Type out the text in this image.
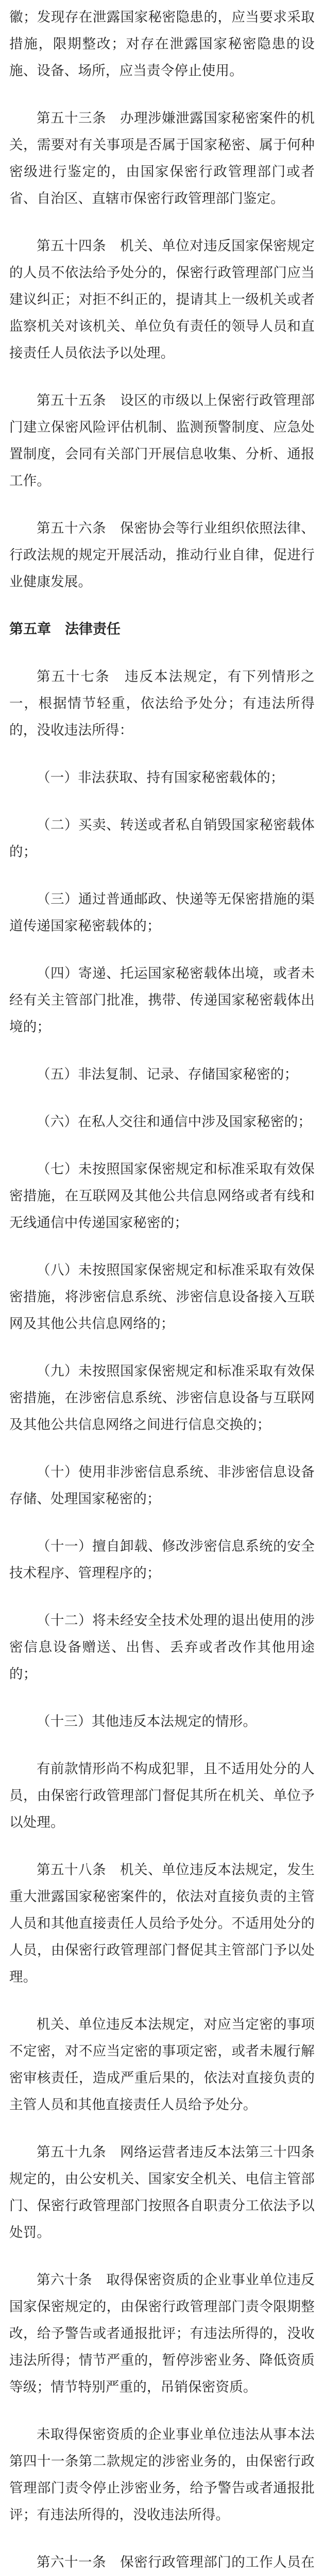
徽；发现存在泄露国家秘密隐患的，应当要求采取措施，限期整改；对存在泄露国家秘密隐患的设施、设备、场所，应当责令停止使用。

第五十三条　办理涉嫌泄露国家秘密案件的机关，需要对有关事项是否属于国家秘密、属于何种密级进行鉴定的，由国家保密行政管理部门或者省、自治区、直辖市保密行政管理部门鉴定。

第五十四条　机关、单位对违反国家保密规定的人员不依法给予处分的，保密行政管理部门应当建议纠正；对拒不纠正的，提请其上一级机关或者监察机关对该机关、单位负有责任的领导人员和直接责任人员依法予以处理。

第五十五条　设区的市级以上保密行政管理部门建立保密风险评估机制、监测预警制度、应急处置制度，会同有关部门开展信息收集、分析、通报工作。

第五十六条　保密协会等行业组织依照法律、行政法规的规定开展活动，推动行业自律，促进行业健康发展。

第五章　法律责任

第五十七条　违反本法规定，有下列情形之一，根据情节轻重，依法给予处分；有违法所得的，没收违法所得：

（一）非法获取、持有国家秘密载体的；

（二）买卖、转送或者私自销毁国家秘密载体的；

（三）通过普通邮政、快递等无保密措施的渠道传递国家秘密载体的；

（四）寄递、托运国家秘密载体出境，或者未经有关主管部门批准，携带、传递国家秘密载体出境的；

（五）非法复制、记录、存储国家秘密的；

（六）在私人交往和通信中涉及国家秘密的；

（七）未按照国家保密规定和标准采取有效保密措施，在互联网及其他公共信息网络或者有线和无线通信中传递国家秘密的；

（八）未按照国家保密规定和标准采取有效保密措施，将涉密信息系统、涉密信息设备接入互联网及其他公共信息网络的；

（九）未按照国家保密规定和标准采取有效保密措施，在涉密信息系统、涉密信息设备与互联网及其他公共信息网络之间进行信息交换的；

（十）使用非涉密信息系统、非涉密信息设备存储、处理国家秘密的；

（十一）擅自卸载、修改涉密信息系统的安全技术程序、管理程序的；

（十二）将未经安全技术处理的退出使用的涉密信息设备赠送、出售、丢弃或者改作其他用途的；

（十三）其他违反本法规定的情形。

有前款情形尚不构成犯罪，且不适用处分的人员，由保密行政管理部门督促其所在机关、单位予以处理。

第五十八条　机关、单位违反本法规定，发生重大泄露国家秘密案件的，依法对直接负责的主管人员和其他直接责任人员给予处分。不适用处分的人员，由保密行政管理部门督促其主管部门予以处理。

机关、单位违反本法规定，对应当定密的事项不定密，对不应当定密的事项定密，或者未履行解密审核责任，造成严重后果的，依法对直接负责的主管人员和其他直接责任人员给予处分。

第五十九条　网络运营者违反本法第三十四条规定的，由公安机关、国家安全机关、电信主管部门、保密行政管理部门按照各自职责分工依法予以处罚。

第六十条　取得保密资质的企业事业单位违反国家保密规定的，由保密行政管理部门责令限期整改，给予警告或者通报批评；有违法所得的，没收违法所得；情节严重的，暂停涉密业务、降低资质等级；情节特别严重的，吊销保密资质。

未取得保密资质的企业事业单位违法从事本法第四十一条第二款规定的涉密业务的，由保密行政管理部门责令停止涉密业务，给予警告或者通报批评；有违法所得的，没收违法所得。

第六十一条　保密行政管理部门的工作人员在
